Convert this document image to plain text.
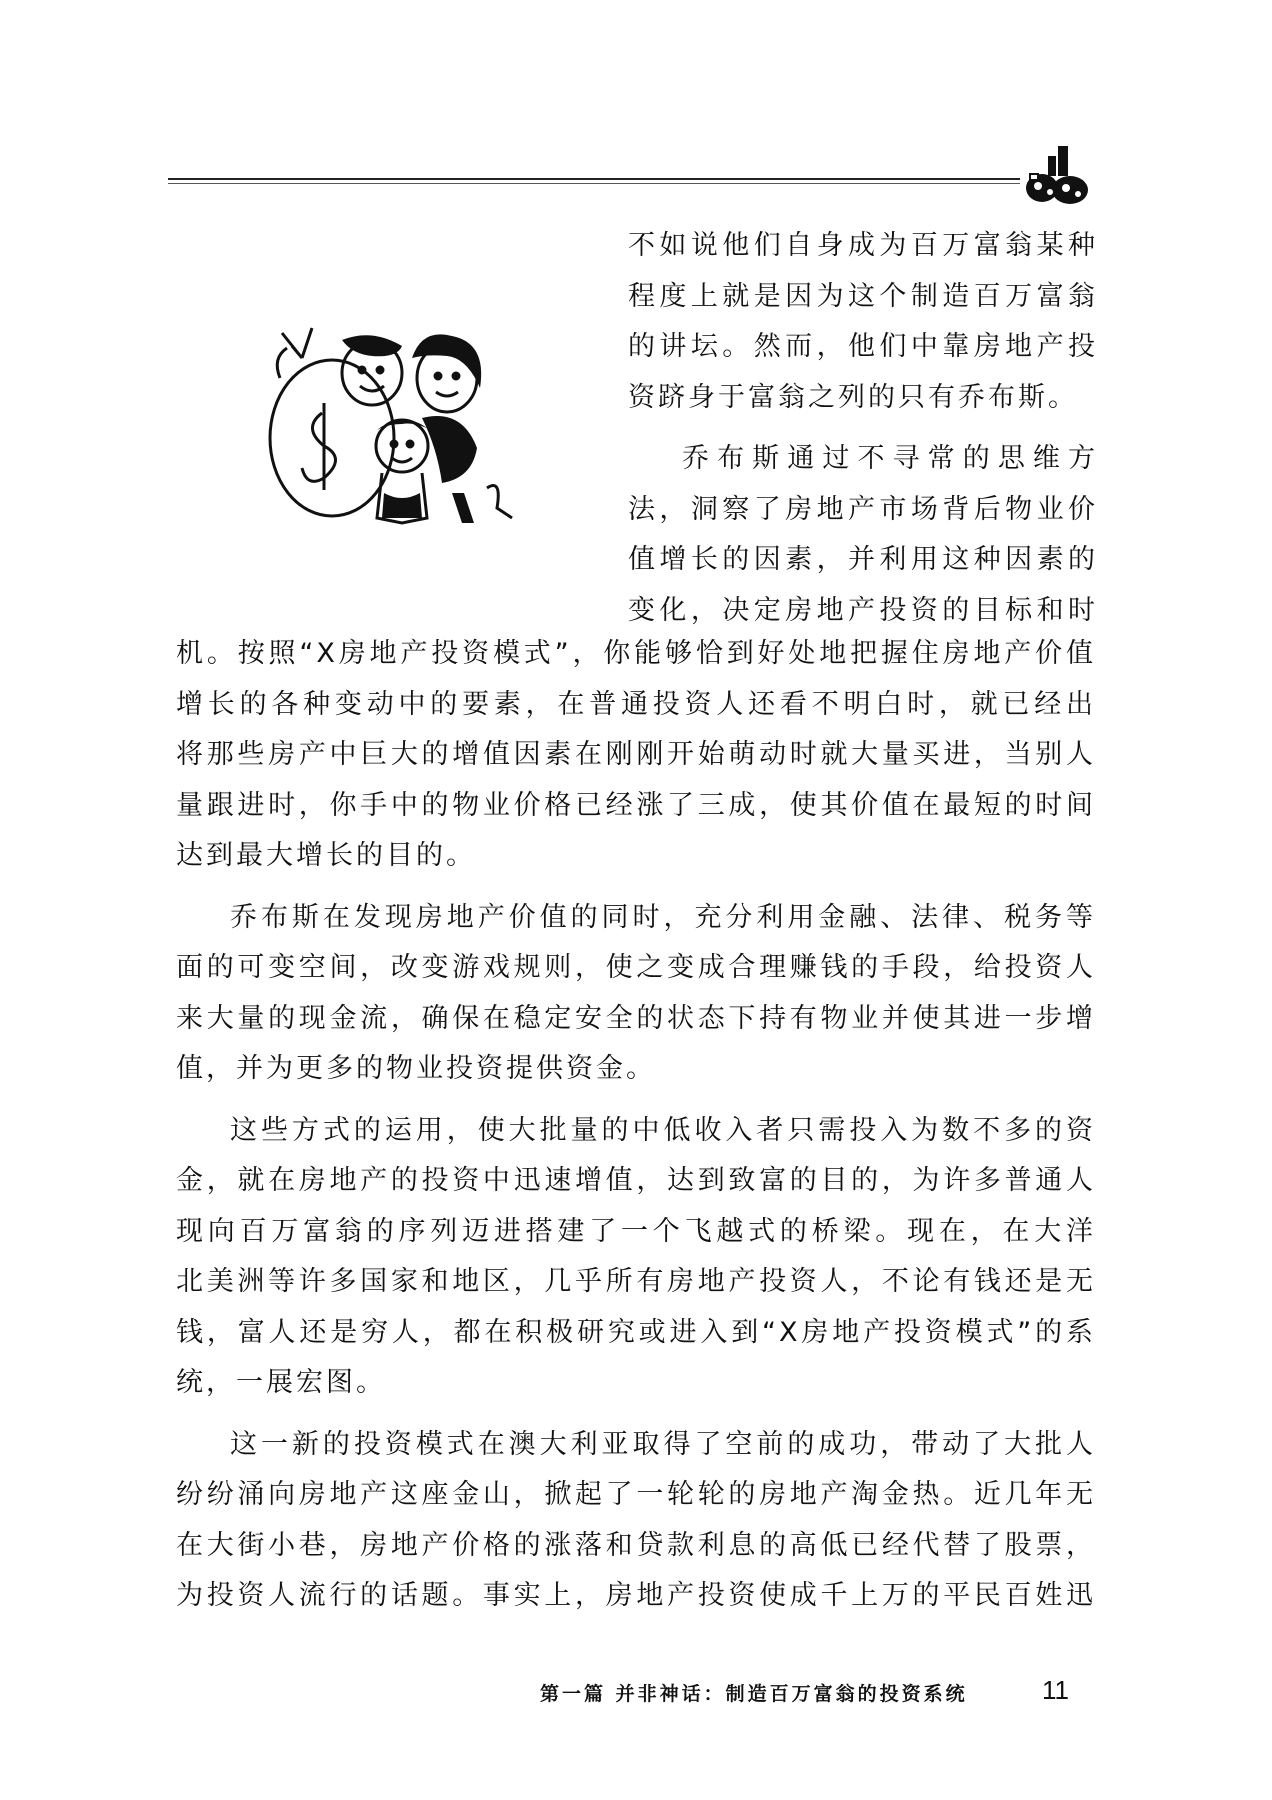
不如说他们自身成为百万富翁某种
程度上就是因为这个制造百万富翁
的讲坛。然而，他们中靠房地产投
资跻身于富翁之列的只有乔布斯。
乔布斯通过不寻常的思维方
法，洞察了房地产市场背后物业价
值增长的因素，并利用这种因素的
变化，决定房地产投资的目标和时
机。按照“X房地产投资模式”，你能够恰到好处地把握住房地产价值
增长的各种变动中的要素，在普通投资人还看不明白时，就已经出
将那些房产中巨大的增值因素在刚刚开始萌动时就大量买进，当别人
量跟进时，你手中的物业价格已经涨了三成，使其价值在最短的时间
达到最大增长的目的。
乔布斯在发现房地产价值的同时，充分利用金融、法律、税务等
面的可变空间，改变游戏规则，使之变成合理赚钱的手段，给投资人
来大量的现金流，确保在稳定安全的状态下持有物业并使其进一步增
值，并为更多的物业投资提供资金。
这些方式的运用，使大批量的中低收入者只需投入为数不多的资
金，就在房地产的投资中迅速增值，达到致富的目的，为许多普通人
现向百万富翁的序列迈进搭建了一个飞越式的桥梁。现在，在大洋
北美洲等许多国家和地区，几乎所有房地产投资人，不论有钱还是无
钱，富人还是穷人，都在积极研究或进入到“X房地产投资模式”的系
统，一展宏图。
这一新的投资模式在澳大利亚取得了空前的成功，带动了大批人
纷纷涌向房地产这座金山，掀起了一轮轮的房地产淘金热。近几年无
在大街小巷，房地产价格的涨落和贷款利息的高低已经代替了股票，
为投资人流行的话题。事实上，房地产投资使成千上万的平民百姓迅
第一篇 并非神话：制造百万富翁的投资系统	11
